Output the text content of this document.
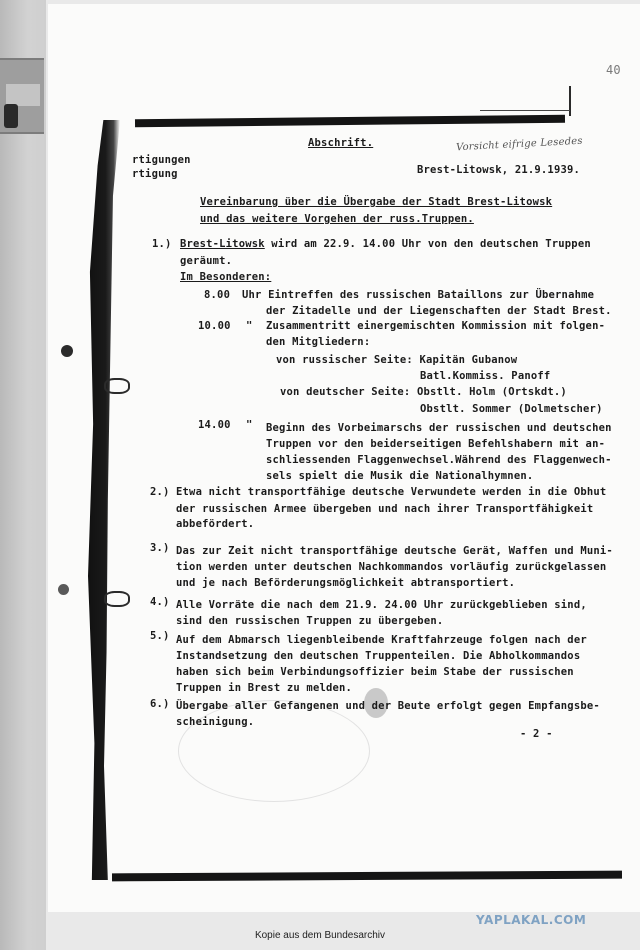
40
Vorsicht eifrige Lesedes
Abschrift.
rtigungen
rtigung	Brest-Litowsk, 21.9.1939.
Vereinbarung über die Übergabe der Stadt Brest-Litowsk
und das weitere Vorgehen der russ.Truppen.
1.) Brest-Litowsk wird am 22.9. 14.00 Uhr von den deutschen Truppen
geräumt.
Im Besonderen:
8.00 Uhr Eintreffen des russischen Bataillons zur Übernahme
der Zitadelle und der Liegenschaften der Stadt Brest.
10.00 " Zusammentritt einergemischten Kommission mit folgen-
den Mitgliedern:
von russischer Seite: Kapitän Gubanow
Batl.Kommiss. Panoff
von deutscher Seite: Obstlt. Holm (Ortskdt.)
Obstlt. Sommer (Dolmetscher)
14.00 " Beginn des Vorbeimarschs der russischen und deutschen
Truppen vor den beiderseitigen Befehlshabern mit an-
schliessenden Flaggenwechsel.Während des Flaggenwech-
sels spielt die Musik die Nationalhymnen.
2.) Etwa nicht transportfähige deutsche Verwundete werden in die Obhut
der russischen Armee übergeben und nach ihrer Transportfähigkeit
abbefördert.
3.) Das zur Zeit nicht transportfähige deutsche Gerät, Waffen und Muni-
tion werden unter deutschen Nachkommandos vorläufig zurückgelassen
und je nach Beförderungsmöglichkeit abtransportiert.
4.) Alle Vorräte die nach dem 21.9. 24.00 Uhr zurückgeblieben sind,
sind den russischen Truppen zu übergeben.
5.) Auf dem Abmarsch liegenbleibende Kraftfahrzeuge folgen nach der
Instandsetzung den deutschen Truppenteilen. Die Abholkommandos
haben sich beim Verbindungsoffizier beim Stabe der russischen
Truppen in Brest zu melden.
6.) Übergabe aller Gefangenen und der Beute erfolgt gegen Empfangsbe-
scheinigung.
- 2 -
YAPLAKAL.COM
Kopie aus dem Bundesarchiv
